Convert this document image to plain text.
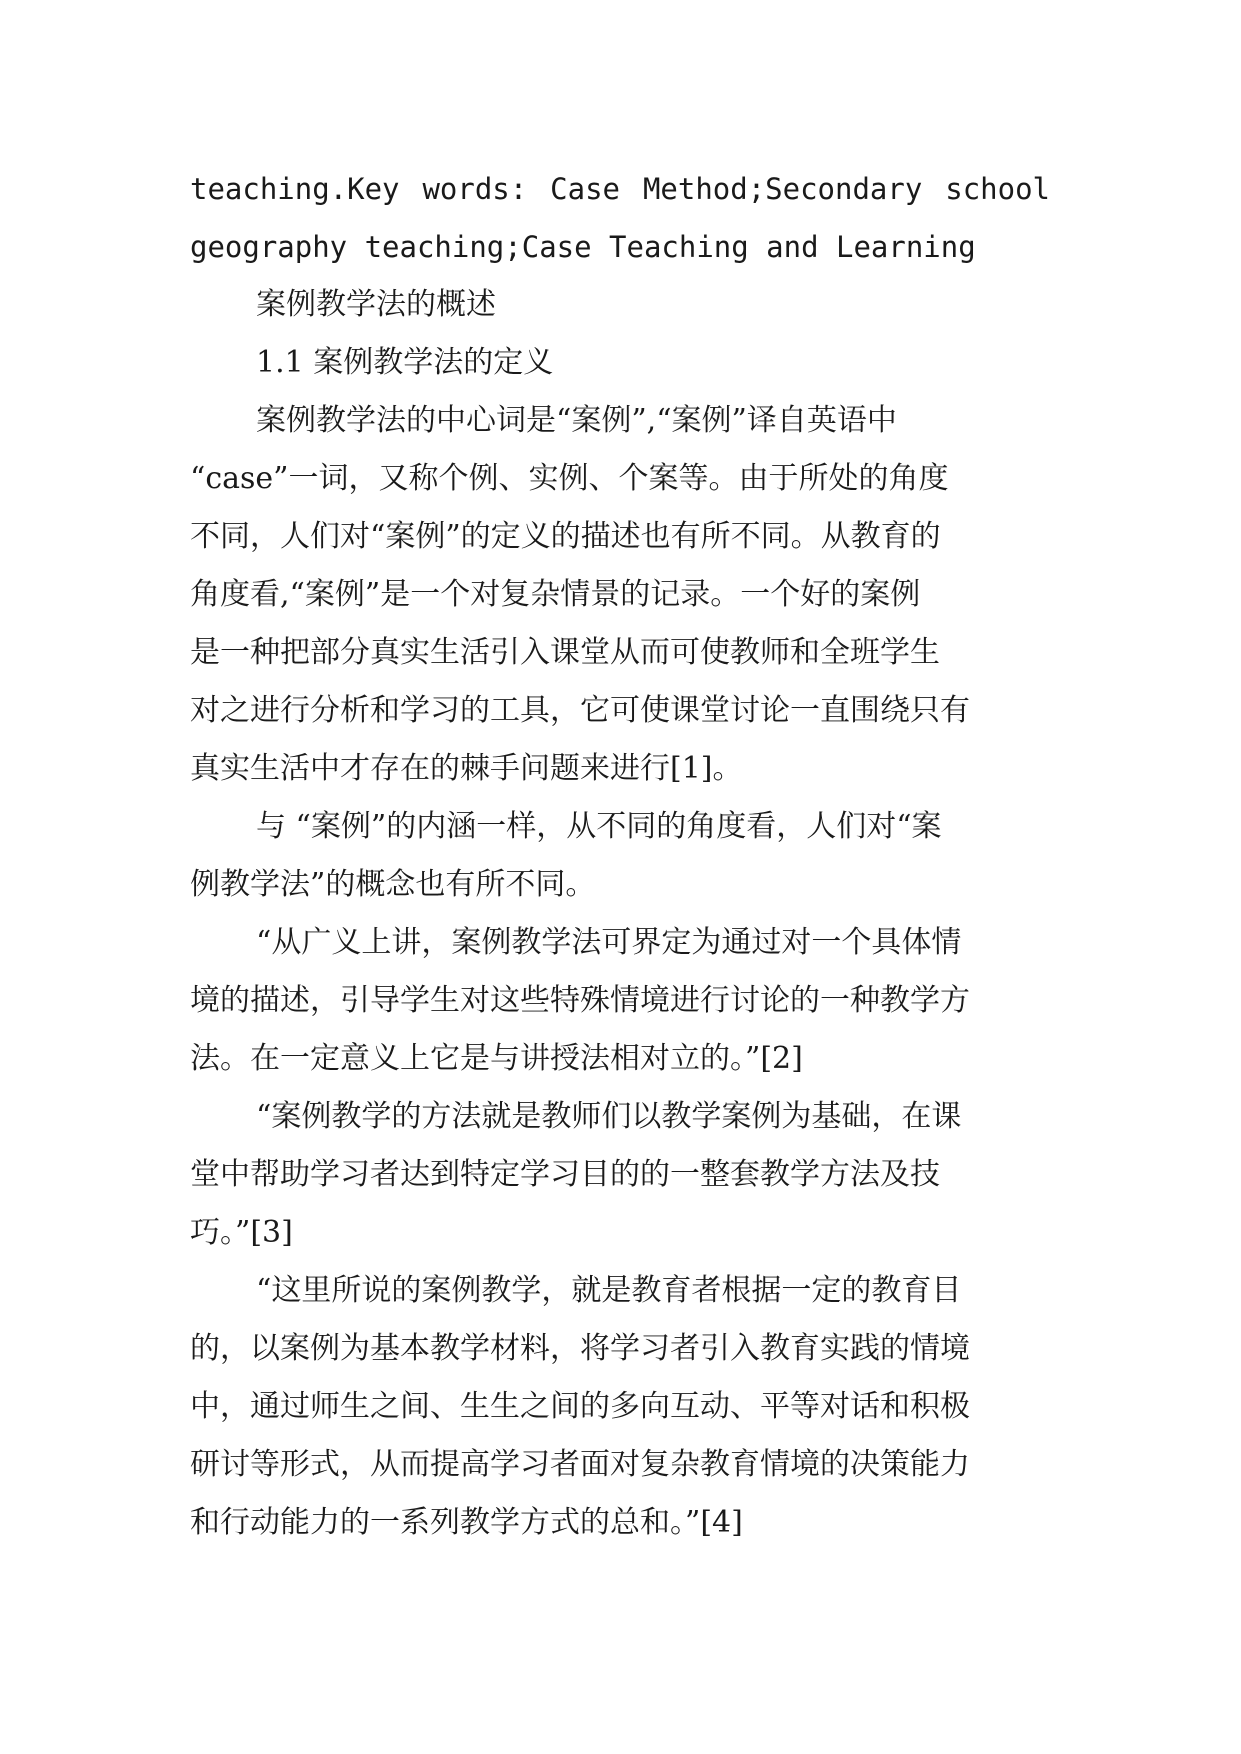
teaching.Key words: Case Method;Secondary school
geography teaching;Case Teaching and Learning
案例教学法的概述
1.1 案例教学法的定义
案例教学法的中心词是“案例”,“案例”译自英语中
“case”一词，又称个例、实例、个案等。由于所处的角度
不同，人们对“案例”的定义的描述也有所不同。从教育的
角度看,“案例”是一个对复杂情景的记录。一个好的案例
是一种把部分真实生活引入课堂从而可使教师和全班学生
对之进行分析和学习的工具，它可使课堂讨论一直围绕只有
真实生活中才存在的棘手问题来进行[1]。
与 “案例”的内涵一样，从不同的角度看，人们对“案
例教学法”的概念也有所不同。
“从广义上讲，案例教学法可界定为通过对一个具体情
境的描述，引导学生对这些特殊情境进行讨论的一种教学方
法。在一定意义上它是与讲授法相对立的。”[2]
“案例教学的方法就是教师们以教学案例为基础，在课
堂中帮助学习者达到特定学习目的的一整套教学方法及技
巧。”[3]
“这里所说的案例教学，就是教育者根据一定的教育目
的，以案例为基本教学材料，将学习者引入教育实践的情境
中，通过师生之间、生生之间的多向互动、平等对话和积极
研讨等形式，从而提高学习者面对复杂教育情境的决策能力
和行动能力的一系列教学方式的总和。”[4]
